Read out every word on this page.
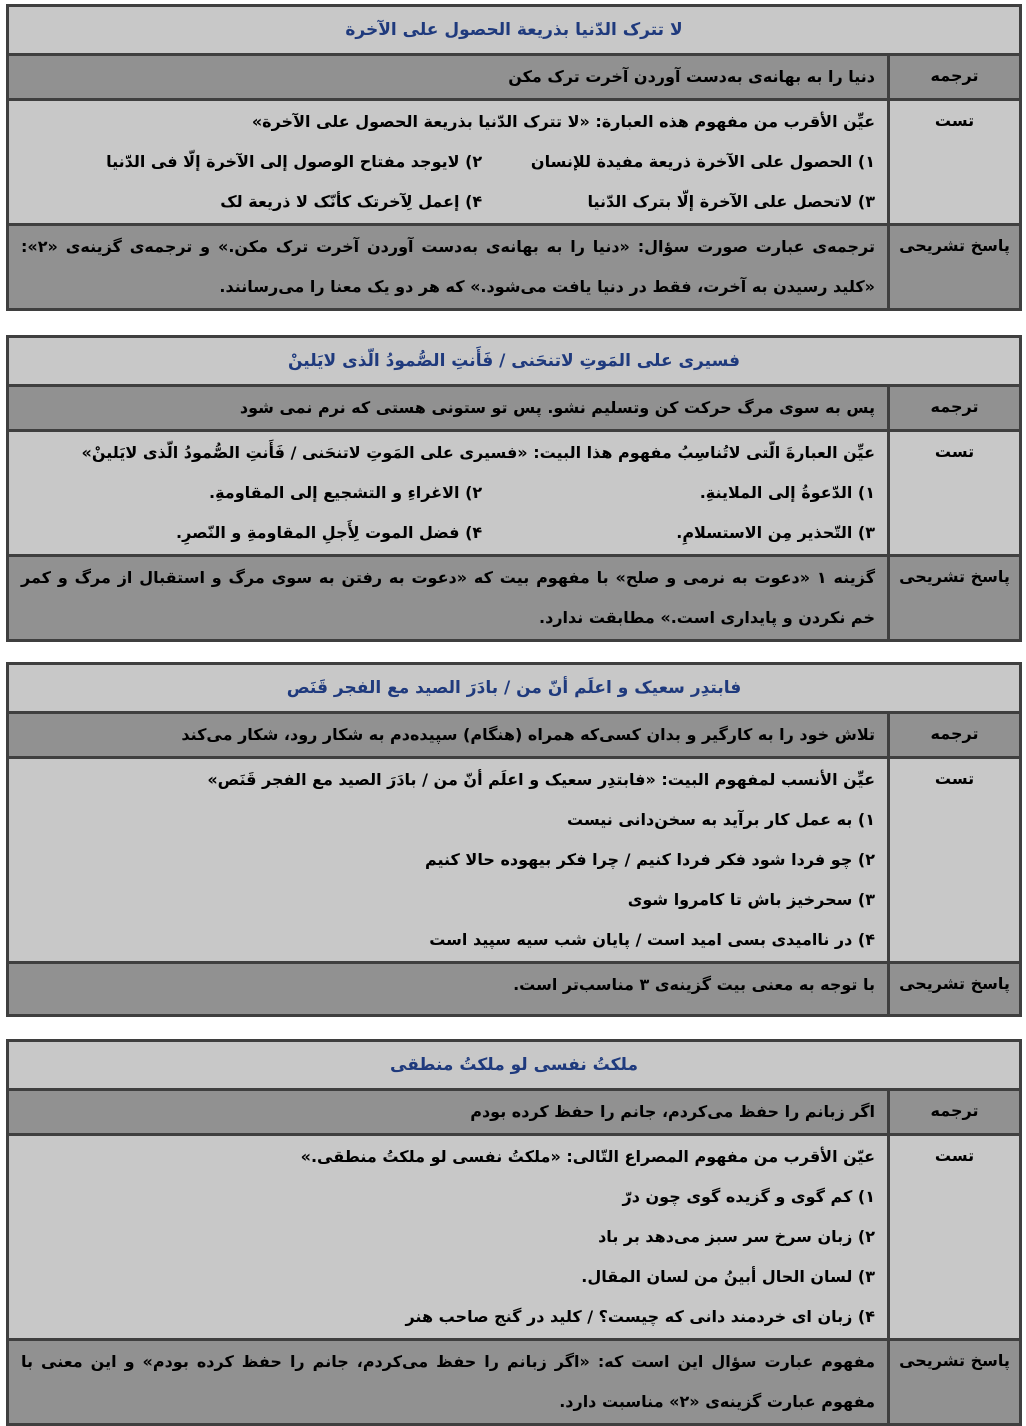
لا تترک الدّنیا بذریعة الحصول علی الآخرة	
ترجمه	دنیا را به بهانه‌ی به‌دست آوردن آخرت ترک مکن
تست	عیِّن الأقرب من مفهوم هذه العبارة: «لا تترک الدّنیا بذریعة الحصول علی الآخرة»
۱) الحصول علی الآخرة ذریعة مفیدة للإنسان
۲) لایوجد مفتاح الوصول إلی الآخرة إلّا فی الدّنیا
۳) لاتحصل علی الآخرة إلّا بترک الدّنیا
۴) إعمل لِآخرتک کأنّک لا ذریعة لک

پاسخ تشریحی	ترجمه‌ی عبارت صورت سؤال: «دنیا را به بهانه‌ی به‌دست آوردن آخرت ترک مکن.» و ترجمه‌ی گزینه‌ی «۲»: «کلید رسیدن به آخرت، فقط در دنیا یافت می‌شود.» که هر دو یک معنا را می‌رسانند.
فسیری علی المَوتِ لاتنحَنی / فَأَنتِ الصُّمودُ الّذی لایَلینْ	
ترجمه	پس به سوی مرگ حرکت کن وتسلیم نشو. پس تو ستونی هستی که نرم نمی شود
تست	عیِّن العبارةَ الّتی لاتُناسِبُ مفهوم هذا البیت: «فسیری علی المَوتِ لاتنحَنی / فَأَنتِ الصُّمودُ الّذی لایَلینْ»
۱) الدّعوةُ إلی الملاینةِ.
۲) الاغراءِ و التشجیع إلی المقاومةِ.
۳) التّحذیر مِن الاستسلامِ.
۴) فضل الموت لِأَجلِ المقاومةِ و النّصرِ.

پاسخ تشریحی	گزینه ۱ «دعوت به نرمی و صلح» با مفهوم بیت که «دعوت به رفتن به سوی مرگ و استقبال از مرگ و کمر خم نکردن و پایداری است.» مطابقت ندارد.
فابتدِر سعیک و اعلَم أنّ من / بادَرَ الصید مع الفجر قَنَص	
ترجمه	تلاش خود را به کارگیر و بدان کسی‌که همراه (هنگام) سپیده‌دم به شکار رود، شکار می‌کند
تست	عیِّن الأنسب لمفهوم البیت: «فابتدِر سعیک و اعلَم أنّ من / بادَرَ الصید مع الفجر قَنَص»
۱) به عمل کار برآید به سخن‌دانی نیست
۲) چو فردا شود فکر فردا کنیم / چرا فکر بیهوده حالا کنیم
۳) سحرخیز باش تا کامروا شوی
۴) در ناامیدی بسی امید است / پایان شب سیه سپید است

پاسخ تشریحی	با توجه به معنی بیت گزینه‌ی ۳ مناسب‌تر است.
ملکتُ نفسی لو ملکتُ منطقی	
ترجمه	اگر زبانم را حفظ می‌کردم، جانم را حفظ کرده بودم
تست	عیّن الأقرب من مفهوم المصراع التّالی: «ملکتُ نفسی لو ملکتُ منطقی.»
۱) کم گوی و گزیده گوی چون درّ
۲) زبان سرخ سر سبز می‌دهد بر باد
۳) لسان الحال أبینُ من لسان المقال.
۴) زبان ای خردمند دانی که چیست؟ / کلید در گنج صاحب هنر

پاسخ تشریحی	مفهوم عبارت سؤال این است که: «اگر زبانم را حفظ می‌کردم، جانم را حفظ کرده بودم» و این معنی با مفهوم عبارت گزینه‌ی «۲» مناسبت دارد.
